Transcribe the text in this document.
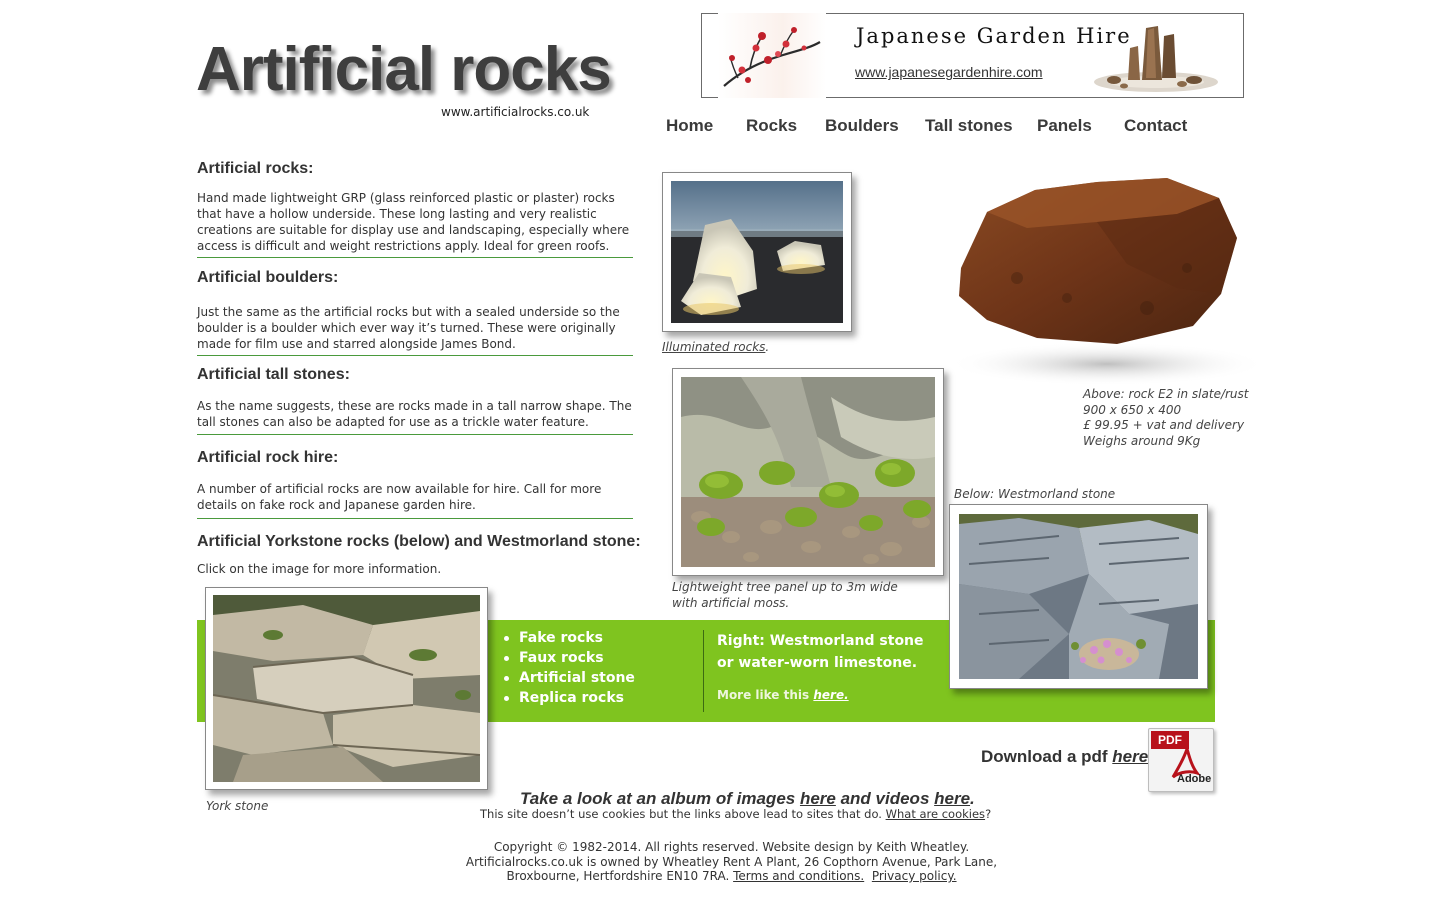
Artificial rocks
www.artificialrocks.co.uk
Japanese Garden Hire
www.japanesegardenhire.com
Home Rocks Boulders Tall stones Panels Contact
Artificial rocks:
Hand made lightweight GRP (glass reinforced plastic or plaster) rocks that have a hollow underside. These long lasting and very realistic creations are suitable for display use and landscaping, especially where access is difficult and weight restrictions apply. Ideal for green roofs.
Artificial boulders:
Just the same as the artificial rocks but with a sealed underside so the boulder is a boulder which ever way it’s turned. These were originally made for film use and starred alongside James Bond.
Artificial tall stones:
As the name suggests, these are rocks made in a tall narrow shape. The tall stones can also be adapted for use as a trickle water feature.
Artificial rock hire:
A number of artificial rocks are now available for hire. Call for more details on fake rock and Japanese garden hire.
Artificial Yorkstone rocks (below) and Westmorland stone:
Click on the image for more information.
Fake rocks
Faux rocks
Artificial stone
Replica rocks
Right: Westmorland stone
or water-worn limestone.
More like this here.
Illuminated rocks.
Lightweight tree panel up to 3m wide
with artificial moss.
Above: rock E2 in slate/rust
900 x 650 x 400
£ 99.95 + vat and delivery
Weighs around 9Kg
Below: Westmorland stone
York stone
Download a pdf here
PDF
Adobe
Take a look at an album of images here and videos here.
This site doesn’t use cookies but the links above lead to sites that do. What are cookies?
Copyright © 1982-2014. All rights reserved. Website design by Keith Wheatley.
Artificialrocks.co.uk is owned by Wheatley Rent A Plant, 26 Copthorn Avenue, Park Lane,
Broxbourne, Hertfordshire EN10 7RA. Terms and conditions. Privacy policy.
